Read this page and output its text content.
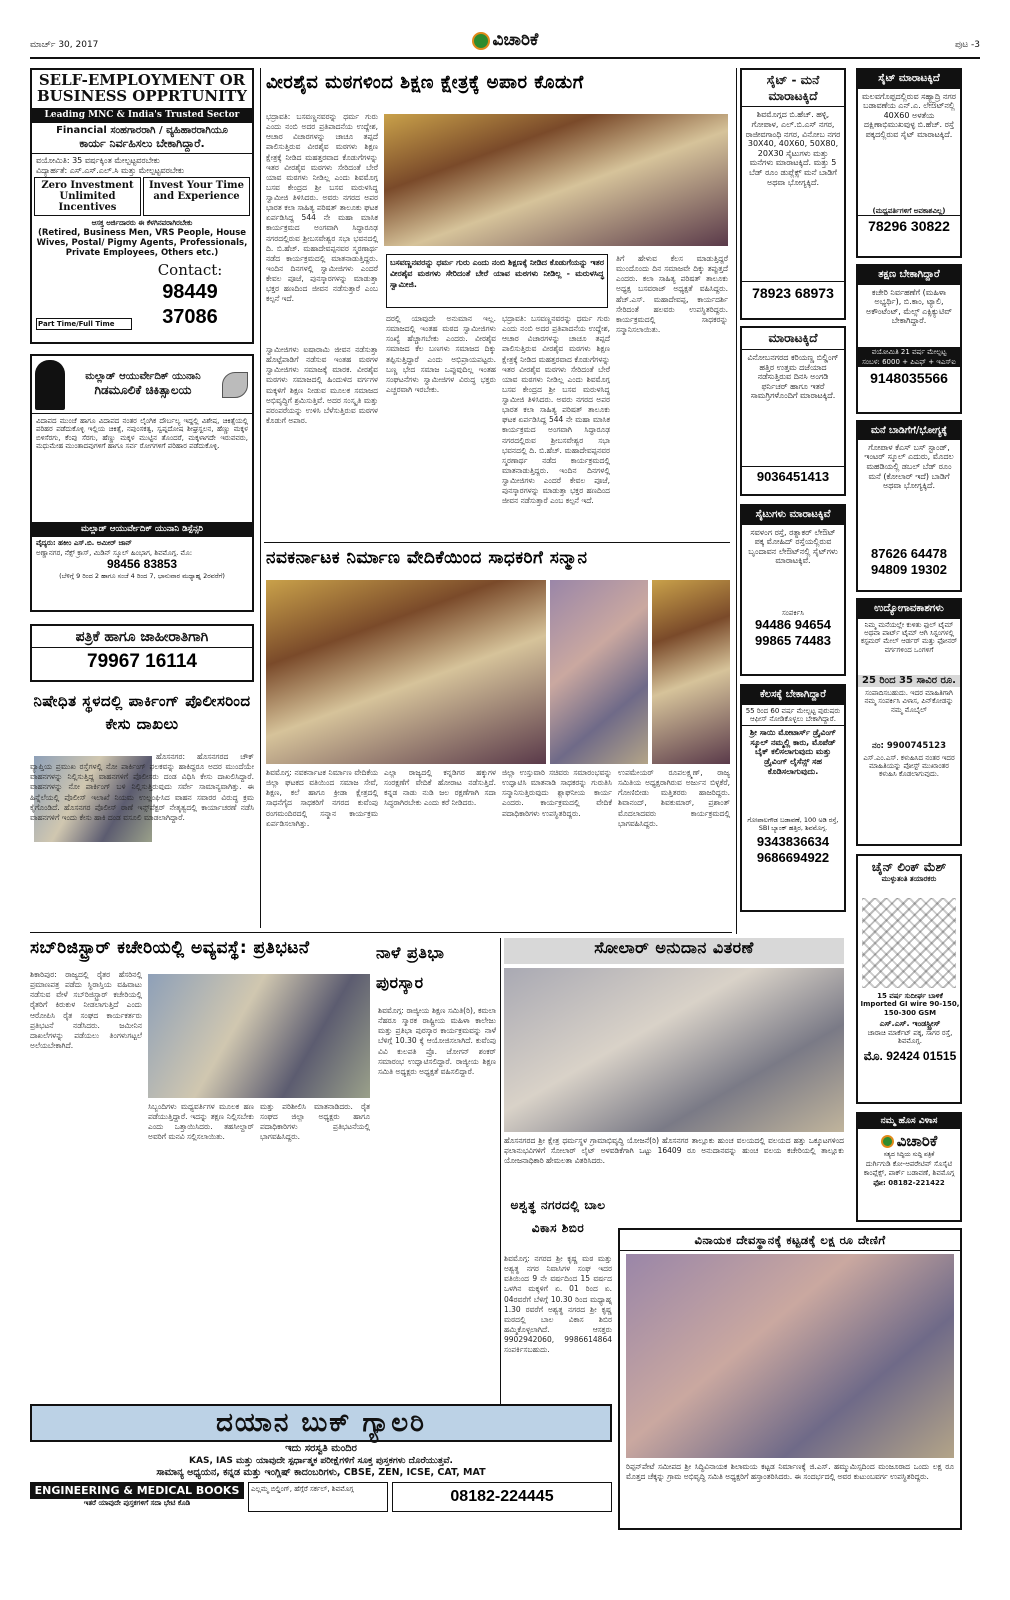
ಮಾರ್ಚ್ 30, 2017	ವಿಚಾರಿಕೆ	ಪುಟ -3
SELF-EMPLOYMENT OR BUSINESS OPPRTUNITY
Leading MNC & India's Trusted Sector
Financial ಸಂಹಗಾರರಾಗಿ / ವ್ಯಹಿಹಾರರಾಗಿಯೂ
ಕಾರ್ಯ ನಿರ್ವಹಿಸಲು ಬೇಕಾಗಿದ್ದಾರೆ.
ವಯೋಮಿತಿ: 35 ವರ್ಷಕ್ಕಿಂತ ಮೇಲ್ಪಟ್ಟವರಬೇಕು
ವಿದ್ಯಾರ್ಹತೆ: ಎಸ್.ಎಸ್.ಎಲ್.ಸಿ ಮತ್ತು ಮೇಲ್ಪಟ್ಟವರಬೇಕು
Zero Investment Unlimited Incentives
Invest Your Time and Experience
ಆಸಕ್ತ ಅರ್ಜಿದಾರರು ಈ ಕೆಳಗಿನವರಾಗಿರಬೇಕು
(Retired, Business Men, VRS People, House Wives, Postal/ Pigmy Agents, Professionals, Private Employees, Others etc.)
Part Time/Full Time
Contact:
98449 37086
ಮಲ್ಲಾಡ್ ಆಯುರ್ವೇದಿಕ್ ಯುನಾನಿ
ಗಿಡಮೂಲಿಕೆ ಚಿಕಿತ್ಸಾಲಯ
ವಿದಾಪದ ಮುಂಚೆ ಹಾಗೂ ವಿದಾಪದ ನಂತರ ಲೈಂಗಿಕ ದೌರ್ಬಲ್ಯ ಇದ್ದಲ್ಲಿ ವಿಶೇಷ, ಚಿಕಿತ್ಸೆಯಲ್ಲಿ ಪರಿಹರ ಪಡೆದುಕೊಳ್ಳಿ ಇಲ್ಲಿಯ ಚಿಕಿತ್ಸೆ, ನಪುಂಸಕತ್ವ, ಸ್ವಪ್ನದೋಷ ಶೀಘ್ರಸ್ಖಲನ, ಹೆಣ್ಣು ಮಕ್ಕಳ ಬಿಳಿಸೆರಗು, ಕೆಂಪು ಸೆರಗು, ಹೆಣ್ಣು ಮಕ್ಕಳ ಮುಟ್ಟಿನ ತೊಂದರೆ, ಮಕ್ಕಳಾಗದೇ ಇರುವವರು, ಮಧುಮೇಹ ಮುಂತಾದವುಗಳಿಗೆ ಹಾಗೂ ಸರ್ವ ರೋಗಗಳಿಗೆ ಪರಿಹಾರ ಪಡೆದುಕೊಳ್ಳಿ.
ಮಲ್ಲಾಡ್ ಆಯುರ್ವೇದಿಕ್ ಯುನಾನಿ ಡಿಸ್ಪೆನ್ಸರಿ
ವೈದ್ಯರು: ಹಕೀಂ ಎಸ್.ಬಿ. ಅಮೀರ್ ಜಾನ್
ಅಣ್ಣಾನಗರ, ನೆಕ್ಸ್ ಕ್ರಾಸ್, ಮಿಡಿನ್ ಸ್ಕೂಲ್ ಹಿಂಭಾಗ, ಶಿವಮೊಗ್ಗ. ಮೊ:
98456 83853
(ಬೆಳಿಗ್ಗೆ 9 ರಿಂದ 2 ಹಾಗೂ ಸಂಜೆ 4 ರಿಂದ 7, ಭಾನುವಾರ ಮಧ್ಯಾಹ್ನ 2ರವರೆಗೆ)
ಪತ್ರಿಕೆ ಹಾಗೂ ಜಾಹೀರಾತಿಗಾಗಿ
79967 16114
ನಿಷೇಧಿತ ಸ್ಥಳದಲ್ಲಿ ಪಾರ್ಕಿಂಗ್ ಪೊಲೀಸರಿಂದ ಕೇಸು ದಾಖಲು
ಹೊಸನಗರ: ಹೊಸನಗರದ ಚೌಕ್ ವ್ಯಾಪ್ತಿಯ ಪ್ರಮುಖ ರಸ್ತೆಗಳಲ್ಲಿ ನೋ ಪಾರ್ಕಿಂಗ್ ಫಲಕವನ್ನು ಹಾಕಿದ್ದರೂ ಅದರ ಮುಂದೆಯೇ ವಾಹನಗಳನ್ನು ನಿಲ್ಲಿಸುತ್ತಿದ್ದ ವಾಹನಗಳಿಗೆ ಪೊಲೀಸರು ದಂಡ ವಿಧಿಸಿ ಕೇಸು ದಾಖಲಿಸಿದ್ದಾರೆ. ವಾಹನಗಳನ್ನು ನೋ ಪಾರ್ಕಿಂಗ್ ಬಳಿ ನಿಲ್ಲಿಸುತ್ತಿರುವುದು ಸರ್ವೇ ಸಾಮಾನ್ಯವಾಗಿತ್ತು. ಈ ಹಿನ್ನೆಲೆಯಲ್ಲಿ ಪೊಲೀಸ್ ಇಲಾಖೆ ನಿಯಮ ಉಲ್ಲಂಘಿಸಿದ ವಾಹನ ಸವಾರರ ವಿರುದ್ಧ ಕ್ರಮ ಕೈಗೊಂಡಿದೆ. ಹೊಸನಗರ ಪೊಲೀಸ್ ಠಾಣೆ ಇನ್ಸ್‌ಪೆಕ್ಟರ್ ನೇತೃತ್ವದಲ್ಲಿ ಕಾರ್ಯಾಚರಣೆ ನಡೆಸಿ ವಾಹನಗಳಿಗೆ ಇಂದು ಕೇಸು ಹಾಕಿ ದಂಡ ವಸೂಲಿ ಮಾಡಲಾಗಿದ್ದಾರೆ.
ವೀರಶೈವ ಮಠಗಳಿಂದ ಶಿಕ್ಷಣ ಕ್ಷೇತ್ರಕ್ಕೆ ಅಪಾರ ಕೊಡುಗೆ
ಭದ್ರಾವತಿ: ಬಸವಣ್ಣನವರನ್ನು ಧರ್ಮ ಗುರು ಎಂದು ನಂಬಿ ಅದರ ಪ್ರತಿಪಾದನೆಯ ಉದ್ದೇಶ, ಆಚಾರ ವಿಚಾರಗಳನ್ನು ಚಾಚೂ ತಪ್ಪದೆ ಪಾಲಿಸುತ್ತಿರುವ ವೀರಶೈವ ಮಠಗಳು ಶಿಕ್ಷಣ ಕ್ಷೇತ್ರಕ್ಕೆ ನೀಡಿದ ಮಹತ್ತರವಾದ ಕೊಡುಗೆಗಳನ್ನು ಇತರ ವೀರಶೈವ ಮಠಗಳು ಸೇರಿದಂತೆ ಬೇರೆ ಯಾವ ಮಠಗಳು ನೀಡಿಲ್ಲ ಎಂದು ಶಿವಮೊಗ್ಗ ಬಸವ ಕೇಂದ್ರದ ಶ್ರೀ ಬಸವ ಮರುಳಸಿದ್ಧ ಸ್ವಾಮೀಜಿ ತಿಳಿಸಿದರು. ಅವರು ನಗರದ ಅಪರ ಭಾರತ ಕಲಾ ಸಾಹಿತ್ಯ ಪರಿಷತ್ ತಾಲೂಕು ಘಟಕ ಏರ್ಪಡಿಸಿದ್ದ 544 ನೇ ಮಹಾ ಮಾಸಿಕ ಕಾರ್ಯಕ್ರಮದ ಅಂಗವಾಗಿ ಸಿದ್ಧಾರೂಢ ನಗರದಲ್ಲಿರುವ ಶ್ರೀಬಸವೇಶ್ವರ ಸಭಾ ಭವನದಲ್ಲಿ ದಿ. ಬಿ.ಹೆಚ್. ಮಹಾದೇವಪ್ಪನವರ ಸ್ಮರಣಾರ್ಥ ನಡೆದ ಕಾರ್ಯಕ್ರಮದಲ್ಲಿ ಮಾತನಾಡುತ್ತಿದ್ದರು. ಇಂದಿನ ದಿನಗಳಲ್ಲಿ ಸ್ವಾಮೀಜಿಗಳು ಎಂದರೆ ಕೇವಲ ಪೂಜೆ, ಪುನಸ್ಕಾರಗಳನ್ನು ಮಾಡುತ್ತಾ ಭಕ್ತರ ಹಣದಿಂದ ಜೀವನ ನಡೆಸುತ್ತಾರೆ ಎಂಬ ಕಲ್ಪನೆ ಇದೆ.
ಬಸವಣ್ಣನವರನ್ನು ಧರ್ಮ ಗುರು ಎಂದು ನಂಬಿ ಶಿಕ್ಷಣಕ್ಕೆ ನೀಡಿದ ಕೊಡುಗೆಯನ್ನು ಇತರ ವೀರಶೈವ ಮಠಗಳು ಸೇರಿದಂತೆ ಬೇರೆ ಯಾವ ಮಠಗಳು ನೀಡಿಲ್ಲ - ಮರುಳಸಿದ್ಧ ಸ್ವಾಮೀಜಿ.
ತಿಗೆ ಹೇಳುವ ಕೆಲಸ ಮಾಡುತ್ತಿದ್ದರೆ ಮುಂದೊಂದು ದಿನ ಸಮಾಜವೇ ದಿಕ್ಕು ತಪ್ಪುತ್ತದೆ ಎಂದರು. ಕಲಾ ಸಾಹಿತ್ಯ ಪರಿಷತ್ ತಾಲೂಕು ಅಧ್ಯಕ್ಷ ಬಸವರಾಜ್ ಅಧ್ಯಕ್ಷತೆ ವಹಿಸಿದ್ದರು. ಹೆಚ್.ಎಸ್. ಮಹಾದೇವಪ್ಪ, ಕಾರ್ಯದರ್ಶಿ ಸೇರಿದಂತೆ ಹಲವರು ಉಪಸ್ಥಿತರಿದ್ದರು. ಕಾರ್ಯಕ್ರಮದಲ್ಲಿ ಸಾಧಕರನ್ನು ಸನ್ಮಾನಿಸಲಾಯಿತು.
ಸ್ವಾಮೀಜಿಗಳು ಐಷಾರಾಮಿ ಜೀವನ ನಡೆಸುತ್ತಾ ಹೊಟ್ಟೆಪಾಡಿಗೆ ನಡೆಸುವ ಇಂತಹ ಮಠಗಳ ಸ್ವಾಮೀಜಿಗಳು ಸಮಾಜಕ್ಕೆ ಮಾರಕ. ವೀರಶೈವ ಮಠಗಳು ಸಮಾಜದಲ್ಲಿ ಹಿಂದುಳಿದ ವರ್ಗಗಳ ಮಕ್ಕಳಿಗೆ ಶಿಕ್ಷಣ ನೀಡುವ ಮೂಲಕ ಸಮಾಜದ ಅಭಿವೃದ್ಧಿಗೆ ಶ್ರಮಿಸುತ್ತಿವೆ. ಅದರ ಸಂಸ್ಕೃತಿ ಮತ್ತು ಪರಂಪರೆಯನ್ನು ಉಳಿಸಿ ಬೆಳೆಸುತ್ತಿರುವ ಮಠಗಳ ಕೊಡುಗೆ ಅಪಾರ.
ದರಲ್ಲಿ ಯಾವುದೇ ಅನುಮಾನ ಇಲ್ಲ. ಸಮಾಜದಲ್ಲಿ ಇಂತಹ ಮಠದ ಸ್ವಾಮೀಜಿಗಳು ಸಂಖ್ಯೆ ಹೆಚ್ಚಾಗಬೇಕು ಎಂದರು. ವೀರಶೈವ ಸಮಾಜದ ಕೆಲ ಬಣಗಳು ಸಮಾಜದ ದಿಕ್ಕು ತಪ್ಪಿಸುತ್ತಿದ್ದಾರೆ ಎಂದು ಅಭಿಪ್ರಾಯಪಟ್ಟರು. ಬಣ್ಣ ಭೇದ ಸಮಾಜ ಒಪ್ಪುವುದಿಲ್ಲ ಇಂತಹ ಸಂಘಟನೆಗಳು ಸ್ವಾಮೀಜಿಗಳ ವಿರುದ್ಧ ಭಕ್ತರು ಎಚ್ಚರವಾಗಿ ಇರಬೇಕು.
ಭದ್ರಾವತಿ: ಬಸವಣ್ಣನವರನ್ನು ಧರ್ಮ ಗುರು ಎಂದು ನಂಬಿ ಅದರ ಪ್ರತಿಪಾದನೆಯ ಉದ್ದೇಶ, ಆಚಾರ ವಿಚಾರಗಳನ್ನು ಚಾಚೂ ತಪ್ಪದೆ ಪಾಲಿಸುತ್ತಿರುವ ವೀರಶೈವ ಮಠಗಳು ಶಿಕ್ಷಣ ಕ್ಷೇತ್ರಕ್ಕೆ ನೀಡಿದ ಮಹತ್ತರವಾದ ಕೊಡುಗೆಗಳನ್ನು ಇತರ ವೀರಶೈವ ಮಠಗಳು ಸೇರಿದಂತೆ ಬೇರೆ ಯಾವ ಮಠಗಳು ನೀಡಿಲ್ಲ ಎಂದು ಶಿವಮೊಗ್ಗ ಬಸವ ಕೇಂದ್ರದ ಶ್ರೀ ಬಸವ ಮರುಳಸಿದ್ಧ ಸ್ವಾಮೀಜಿ ತಿಳಿಸಿದರು. ಅವರು ನಗರದ ಅಪರ ಭಾರತ ಕಲಾ ಸಾಹಿತ್ಯ ಪರಿಷತ್ ತಾಲೂಕು ಘಟಕ ಏರ್ಪಡಿಸಿದ್ದ 544 ನೇ ಮಹಾ ಮಾಸಿಕ ಕಾರ್ಯಕ್ರಮದ ಅಂಗವಾಗಿ ಸಿದ್ಧಾರೂಢ ನಗರದಲ್ಲಿರುವ ಶ್ರೀಬಸವೇಶ್ವರ ಸಭಾ ಭವನದಲ್ಲಿ ದಿ. ಬಿ.ಹೆಚ್. ಮಹಾದೇವಪ್ಪನವರ ಸ್ಮರಣಾರ್ಥ ನಡೆದ ಕಾರ್ಯಕ್ರಮದಲ್ಲಿ ಮಾತನಾಡುತ್ತಿದ್ದರು. ಇಂದಿನ ದಿನಗಳಲ್ಲಿ ಸ್ವಾಮೀಜಿಗಳು ಎಂದರೆ ಕೇವಲ ಪೂಜೆ, ಪುನಸ್ಕಾರಗಳನ್ನು ಮಾಡುತ್ತಾ ಭಕ್ತರ ಹಣದಿಂದ ಜೀವನ ನಡೆಸುತ್ತಾರೆ ಎಂಬ ಕಲ್ಪನೆ ಇದೆ.
ನವಕರ್ನಾಟಕ ನಿರ್ಮಾಣ ವೇದಿಕೆಯಿಂದ ಸಾಧಕರಿಗೆ ಸನ್ಮಾನ
ಶಿವಮೊಗ್ಗ: ನವಕರ್ನಾಟಕ ನಿರ್ಮಾಣ ವೇದಿಕೆಯ ಜಿಲ್ಲಾ ಘಟಕದ ವತಿಯಿಂದ ಸಮಾಜ ಸೇವೆ, ಶಿಕ್ಷಣ, ಕಲೆ ಹಾಗೂ ಕ್ರೀಡಾ ಕ್ಷೇತ್ರದಲ್ಲಿ ಸಾಧನೆಗೈದ ಸಾಧಕರಿಗೆ ನಗರದ ಕುವೆಂಪು ರಂಗಮಂದಿರದಲ್ಲಿ ಸನ್ಮಾನ ಕಾರ್ಯಕ್ರಮ ಏರ್ಪಡಿಸಲಾಗಿತ್ತು.
ಎಲ್ಲಾ ರಾಜ್ಯದಲ್ಲಿ ಕನ್ನಡಿಗರ ಹಕ್ಕುಗಳ ಸಂರಕ್ಷಣೆಗೆ ವೇದಿಕೆ ಹೋರಾಟ ನಡೆಸುತ್ತಿದೆ. ಕನ್ನಡ ನಾಡು ನುಡಿ ಜಲ ರಕ್ಷಣೆಗಾಗಿ ಸದಾ ಸಿದ್ಧರಾಗಿರಬೇಕು ಎಂದು ಕರೆ ನೀಡಿದರು.
ಜಿಲ್ಲಾ ಉಸ್ತುವಾರಿ ಸಚಿವರು ಸಮಾರಂಭವನ್ನು ಉದ್ಘಾಟಿಸಿ ಮಾತನಾಡಿ ಸಾಧಕರನ್ನು ಗುರುತಿಸಿ ಸನ್ಮಾನಿಸುತ್ತಿರುವುದು ಶ್ಲಾಘನೀಯ ಕಾರ್ಯ ಎಂದರು. ಕಾರ್ಯಕ್ರಮದಲ್ಲಿ ವೇದಿಕೆ ಪದಾಧಿಕಾರಿಗಳು ಉಪಸ್ಥಿತರಿದ್ದರು.
ಉಪಮೇಯರ್ ರೂಪಲಕ್ಷ್ಮಣ್, ರಾಜ್ಯ ಸಮಿತಿಯ ಅಧ್ಯಕ್ಷರಾಗಿರುವ ಅರ್ಜುನ ಬಿಳ್ಳಕೆರೆ, ಗೋಣಿಬೀಡು ಮತ್ತಿತರರು ಹಾಜರಿದ್ದರು. ಶಿವಾನಂದ್, ಶಿವಕುಮಾರ್, ಪ್ರಶಾಂತ್ ಮೊದಲಾದವರು ಕಾರ್ಯಕ್ರಮದಲ್ಲಿ ಭಾಗವಹಿಸಿದ್ದರು.
ಸಬ್‌ರಿಜಿಸ್ಟ್ರಾರ್ ಕಚೇರಿಯಲ್ಲಿ ಅವ್ಯವಸ್ಥೆ: ಪ್ರತಿಭಟನೆ
ಶಿಕಾರಿಪುರ: ರಾಜ್ಯದಲ್ಲಿ ರೈತರ ಹೆಸರಿನಲ್ಲಿ ಪ್ರಮಾಣಪತ್ರ ಪಡೆದು ಸ್ಥಿರಾಸ್ತಿಯ ವಹಿವಾಟು ನಡೆಸುವ ವೇಳೆ ಸಬ್‌ರಿಜಿಸ್ಟ್ರಾರ್ ಕಚೇರಿಯಲ್ಲಿ ರೈತರಿಗೆ ಕಿರುಕುಳ ನೀಡಲಾಗುತ್ತಿದೆ ಎಂದು ಆರೋಪಿಸಿ ರೈತ ಸಂಘದ ಕಾರ್ಯಕರ್ತರು ಪ್ರತಿಭಟನೆ ನಡೆಸಿದರು. ಜಮೀನಿನ ದಾಖಲೆಗಳನ್ನು ಪಡೆಯಲು ತಿಂಗಳುಗಟ್ಟಲೆ ಅಲೆಯಬೇಕಾಗಿದೆ.
ಸಿಬ್ಬಂದಿಗಳು ಮಧ್ಯವರ್ತಿಗಳ ಮೂಲಕ ಹಣ ಪಡೆಯುತ್ತಿದ್ದಾರೆ. ಇದನ್ನು ತಕ್ಷಣ ನಿಲ್ಲಿಸಬೇಕು ಎಂದು ಒತ್ತಾಯಿಸಿದರು. ತಹಸೀಲ್ದಾರ್ ಅವರಿಗೆ ಮನವಿ ಸಲ್ಲಿಸಲಾಯಿತು.
ಮತ್ತು ಪರಿಶೀಲಿಸಿ ಮಾತನಾಡಿದರು. ರೈತ ಸಂಘದ ಜಿಲ್ಲಾ ಅಧ್ಯಕ್ಷರು ಹಾಗೂ ಪದಾಧಿಕಾರಿಗಳು ಪ್ರತಿಭಟನೆಯಲ್ಲಿ ಭಾಗವಹಿಸಿದ್ದರು.
ನಾಳೆ ಪ್ರತಿಭಾ ಪುರಸ್ಕಾರ
ಶಿವಮೊಗ್ಗ: ರಾಜ್ಯೀಯ ಶಿಕ್ಷಣ ಸಮಿತಿ(ರಿ), ಕಮಲಾ ನೆಹರೂ ಸ್ಮಾರಕ ರಾಷ್ಟ್ರೀಯ ಮಹಿಳಾ ಕಾಲೇಜು ಮತ್ತು ಪ್ರತಿಭಾ ಪುರಸ್ಕಾರ ಕಾರ್ಯಕ್ರಮವನ್ನು ನಾಳೆ ಬೆಳಿಗ್ಗೆ 10.30 ಕ್ಕೆ ಆಯೋಜಿಸಲಾಗಿದೆ. ಕುವೆಂಪು ವಿವಿ ಕುಲಪತಿ ಪ್ರೊ. ಜೋಗನ್ ಶಂಕರ್ ಸಮಾರಂಭ ಉದ್ಘಾಟಿಸಲಿದ್ದಾರೆ. ರಾಜ್ಯೀಯ ಶಿಕ್ಷಣ ಸಮಿತಿ ಅಧ್ಯಕ್ಷರು ಅಧ್ಯಕ್ಷತೆ ವಹಿಸಲಿದ್ದಾರೆ.
ಸೋಲಾರ್ ಅನುದಾನ ವಿತರಣೆ
ಹೊಸನಗರದ ಶ್ರೀ ಕ್ಷೇತ್ರ ಧರ್ಮಸ್ಥಳ ಗ್ರಾಮಾಭಿವೃದ್ಧಿ ಯೋಜನೆ(ರಿ) ಹೊಸನಗರ ತಾಲ್ಲೂಕು ಹುಂಚ ವಲಯದಲ್ಲಿ ವಲಯದ ಹತ್ತು ಒಕ್ಕೂಟಗಳಿಂದ ಫಲಾನುಭವಿಗಳಿಗೆ ಸೋಲಾರ್ ಲೈಟ್ ಅಳವಡಿಕೆಗಾಗಿ ಒಟ್ಟು 16409 ರೂ ಅನುದಾನವನ್ನು ಹುಂಚ ವಲಯ ಕಚೇರಿಯಲ್ಲಿ ತಾಲ್ಲೂಕು ಯೋಜನಾಧಿಕಾರಿ ಹೇಮಲತಾ ವಿತರಿಸಿದರು.
ಅಶ್ವತ್ಥ ನಗರದಲ್ಲಿ ಬಾಲ ವಿಕಾಸ ಶಿಬಿರ
ಶಿವಮೊಗ್ಗ: ನಗರದ ಶ್ರೀ ಕೃಷ್ಣ ಮಠ ಮತ್ತು ಅಶ್ವತ್ಥ ನಗರ ನಿವಾಸಿಗಳ ಸಂಘ ಇದರ ವತಿಯಿಂದ 9 ನೇ ವರ್ಷದಿಂದ 15 ವರ್ಷದ ಒಳಗಿನ ಮಕ್ಕಳಿಗೆ ಏ. 01 ರಿಂದ ಏ. 04ರವರೆಗೆ ಬೆಳಿಗ್ಗೆ 10.30 ರಿಂದ ಮಧ್ಯಾಹ್ನ 1.30 ರವರೆಗೆ ಅಶ್ವತ್ಥ ನಗರದ ಶ್ರೀ ಕೃಷ್ಣ ಮಠದಲ್ಲಿ ಬಾಲ ವಿಕಾಸ ಶಿಬಿರ ಹಮ್ಮಿಕೊಳ್ಳಲಾಗಿದೆ. ಆಸಕ್ತರು 9902942060, 9986614864 ಸಂಪರ್ಕಿಸಬಹುದು.
ವಿನಾಯಕ ದೇವಸ್ಥಾನಕ್ಕೆ ಕಟ್ಟಡಕ್ಕೆ ಲಕ್ಷ ರೂ ದೇಣಿಗೆ
ರಿಪ್ಪನ್‌ಪೇಟೆ ಸಮೀಪದ ಶ್ರೀ ಸಿದ್ಧಿವಿನಾಯಕ ಶಿಲಾಮಯ ಕಟ್ಟಡ ನಿರ್ಮಾಣಕ್ಕೆ ಜಿ.ಎಸ್. ಹಮ್ಮುಮಿಸ್ಸದಿಂದ ಮಂಜೂರಾದ ಒಂದು ಲಕ್ಷ ರೂ ಮೊತ್ತದ ಚೆಕ್ಕನ್ನು ಗ್ರಾಮ ಅಭಿವೃದ್ಧಿ ಸಮಿತಿ ಅಧ್ಯಕ್ಷರಿಗೆ ಹಸ್ತಾಂತರಿಸಿದರು. ಈ ಸಂದರ್ಭದಲ್ಲಿ ಅವರ ಕುಟುಂಬವರ್ಗ ಉಪಸ್ಥಿತರಿದ್ದರು.
ದಯಾನ ಬುಕ್ ಗ್ಯಾಲರಿ
ಇದು ಸರಸ್ವತಿ ಮಂದಿರ
KAS, IAS ಮತ್ತು ಯಾವುದೇ ಸ್ಪರ್ಧಾತ್ಮಕ ಪರೀಕ್ಷೆಗಳಿಗೆ ಸೂಕ್ತ ಪುಸ್ತಕಗಳು ದೊರೆಯುತ್ತವೆ.
ಸಾಮಾನ್ಯ ಅಧ್ಯಯನ, ಕನ್ನಡ ಮತ್ತು ಇಂಗ್ಲಿಷ್ ಕಾದಂಬರಿಗಳು, CBSE, ZEN, ICSE, CAT, MAT
ENGINEERING & MEDICAL BOOKS
ಇತರೆ ಯಾವುದೇ ಪುಸ್ತಕಗಳಿಗೆ ಸದಾ ಭೇಟಿ ಕೊಡಿ
ಎಲ್ಲಮ್ಮ ಬಿಲ್ಡಿಂಗ್, ಹೆಗ್ಗೆರೆ ಸರ್ಕಲ್, ಶಿವಮೊಗ್ಗ	08182-224445
ಸೈಟ್ - ಮನೆ ಮಾರಾಟಕ್ಕಿದೆ
ಶಿವಮೊಗ್ಗದ ಬಿ.ಹೆಚ್. ಹಳ್ಳಿ, ಗೋಪಾಳ, ಎಲ್.ಬಿ.ಎಸ್ ನಗರ, ರಾಜೀವಗಾಂಧಿ ನಗರ, ವಿನೋಬ ನಗರ 30X40, 40X60, 50X80, 20X30 ಸೈಟುಗಳು ಮತ್ತು ಮನೆಗಳು ಮಾರಾಟಕ್ಕಿದೆ. ಮತ್ತು 5 ಬೆಡ್ ರೂಂ ಡುಪ್ಲೆಕ್ಸ್ ಮನೆ ಬಾಡಿಗೆ ಅಥವಾ ಭೋಗ್ಯಕ್ಕಿದೆ.
78923 68973
ಮಾರಾಟಕ್ಕಿದೆ
ವಿನೋಬನಗರದ ಕರಿಯಣ್ಣ ಬಿಲ್ಡಿಂಗ್ ಹತ್ತಿರ ಉತ್ತಮ ದಜೆಯಾದ ನಡೆಸುತ್ತಿರುವ ದಿನಸಿ ಅಂಗಡಿ ಫರ್ನಿಚರ್ ಹಾಗೂ ಇತರೆ ಸಾಮಗ್ರಿಗಳೊಂದಿಗೆ ಮಾರಾಟಕ್ಕಿದೆ.
9036451413
ಸೈಟುಗಳು ಮಾರಾಟಕ್ಕಿವೆ
ಸವಳಂಗ ರಸ್ತೆ, ರತ್ನಾಕರ್ ಲೇಔಟ್ ಪಕ್ಕ ಮೋಹಿದ್ ರಸ್ತೆಯಲ್ಲಿರುವ ಬೃಂದಾವನ ಲೇಔಟ್‌ನಲ್ಲಿ ಸೈಟ್‌ಗಳು ಮಾರಾಟಕ್ಕಿವೆ.
ಸಂಪರ್ಕಿಸಿ
94486 94654
99865 74483
ಕೆಲಸಕ್ಕೆ ಬೇಕಾಗಿದ್ದಾರೆ
55 ರಿಂದ 60 ವರ್ಷ ಮೇಲ್ಪಟ್ಟ ಪುರುಷರು ಆಫೀಸ್ ನೋಡಿಕೊಳ್ಳಲು ಬೇಕಾಗಿದ್ದಾರೆ.
ಶ್ರೀ ಸಾಯಿ ಮೋಟಾರ್ಸ್ ಡ್ರೈವಿಂಗ್ ಸ್ಕೂಲ್ ನಮ್ಮಲ್ಲಿ ಕಾರು, ಮೊಪೆಡ್ ಬೈಕ್ ಕಲಿಸಲಾಗುವುದು ಮತ್ತು ಡ್ರೈವಿಂಗ್ ಲೈಸೆನ್ಸ್ ಸಹ ಕೊಡಿಸಲಾಗುವುದು.
ಗೋಪಾಲಗೌಡ ಬಡಾವಣೆ, 100 ಅಡಿ ರಸ್ತೆ, SBI ಬ್ಯಾಂಕ್ ಹತ್ತಿರ, ಶಿವಮೊಗ್ಗ.
9343836634
9686694922
ಸೈಟ್ ಮಾರಾಟಕ್ಕಿದೆ
ಮಲವಗೊಪ್ಪದಲ್ಲಿರುವ ಸಹ್ಯಾದ್ರಿ ನಗರ ಬಡಾವಣೆಯ ಎನ್.ಎ. ಲೇಔಟ್‌ನಲ್ಲಿ 40X60 ಅಳತೆಯ ದಕ್ಷಿಣಾಭಿಮುಖವುಳ್ಳ ಬಿ.ಹೆಚ್. ರಸ್ತೆ ಪಕ್ಕದಲ್ಲಿರುವ ಸೈಟ್ ಮಾರಾಟಕ್ಕಿದೆ.
(ಮಧ್ಯವರ್ತಿಗಳಿಗೆ ಅವಕಾಶವಿಲ್ಲ)
78296 30822
ತಕ್ಷಣ ಬೇಕಾಗಿದ್ದಾರೆ
ಕಚೇರಿ ನಿರ್ವಹಣೆಗೆ (ಮಹಿಳಾ ಅಭ್ಯರ್ಥಿ), ಬಿ.ಕಾಂ, ಟ್ಯಾಲಿ, ಅಕೌಂಟೆಂಟ್, ಮೆಲ್ಸ್ ಎಕ್ಸಿಕ್ಯುಟಿವ್ ಬೇಕಾಗಿದ್ದಾರೆ.
ವಯೋಮಿತಿ 21 ವರ್ಷ ಮೇಲ್ಪಟ್ಟ
ಸಂಬಳ: 6000 + ಪಿಎಫ್ + ಇಎಸ್‌ಐ
9148035566
ಮನೆ ಬಾಡಿಗೆಗೆ/ಭೋಗ್ಯಕ್ಕೆ
ಗೋಪಾಳ ಕೆಎಸ್ ಬಸ್ ಸ್ಟಾಂಡ್, ಇಂಟರ್ ಸ್ಕೂಲ್ ಎದುರು, ಮೊದಲ ಮಹಡಿಯಲ್ಲಿ ಡಬಲ್ ಬೆಡ್ ರೂಂ ಮನೆ (ಕೋಲಾರ್ ಇದೆ) ಬಾಡಿಗೆ ಅಥವಾ ಭೋಗ್ಯಕ್ಕಿದೆ.
87626 64478
94809 19302
ಉದ್ಯೋಗಾವಕಾಶಗಳು
ನಿಮ್ಮ ಮನೆಯಲ್ಲೇ ಕುಳಿತು ಫುಲ್ ಟೈಮ್ ಅಥವಾ ಪಾರ್ಟ್ ಟೈಮ್ ಆಗಿ ಸಿಸ್ಟಂಗಳಲ್ಲಿ ಕಸ್ಟಮರ್ ಮೇಲ್ ಆರ್ಡರ್ ಮತ್ತು ಫೋನರ್ ವರ್ಗಗಳಿಂದ ಒಂಗಳಿಗೆ
25 ರಿಂದ 35 ಸಾವಿರ ರೂ.
ಸಂಪಾದಿಸಬಹುದು. ಇದರ ಮಾಹಿತಿಗಾಗಿ ನಮ್ಮ ಸಂಪರ್ಕಿಸಿ ವಿಳಾಸ, ಪಿನ್‌ಕೋಡನ್ನು ನಮ್ಮ ಮೊಬೈಲ್
ನಂ: 9900745123
ಎಸ್.ಎಂ.ಎಸ್. ಕಳುಹಿಸಿದ ನಂತರ ಇದರ ಮಾಹಿತಿಯನ್ನು ಪೋಸ್ಟ್ ಮುಖಾಂತರ ಕಳುಹಿಸಿ ಕೊಡಲಾಗುವುದು.
ಚೈನ್ ಲಿಂಕ್ ಮೆಶ್
ಮುಳ್ಳುತಂತಿ ತಯಾರಕರು
15 ವರ್ಷ ಸುದೀರ್ಘ ಬಾಳಿಕೆ
Imported GI wire 90-150, 150-300 GSM
ಎಸ್.ಎಸ್. ಇಂಡಸ್ಟ್ರೀಸ್
ಚಾರಾಚಿ ಮಾರ್ಕೆಟ್ ಪಕ್ಕ, ಸಾಗರ ರಸ್ತೆ, ಶಿವಮೊಗ್ಗ.
ಮೊ. 92424 01515
ನಮ್ಮ ಹೊಸ ವಿಳಾಸ
ವಿಚಾರಿಕೆ
ಸತ್ಯದ ಸಿದ್ಧಿಯ ಸುದ್ದಿ ಪತ್ರಿಕೆ
ದುರ್ಗಿಗುಡಿ ಕೋ-ಆಪರೇಟಿವ್ ಸೊಸೈಟಿ ಕಾಂಪ್ಲೆಕ್ಸ್, ಪಾರ್ಕ್ ಬಡಾವಣೆ, ಶಿವಮೊಗ್ಗ
ಫೋ: 08182-221422
